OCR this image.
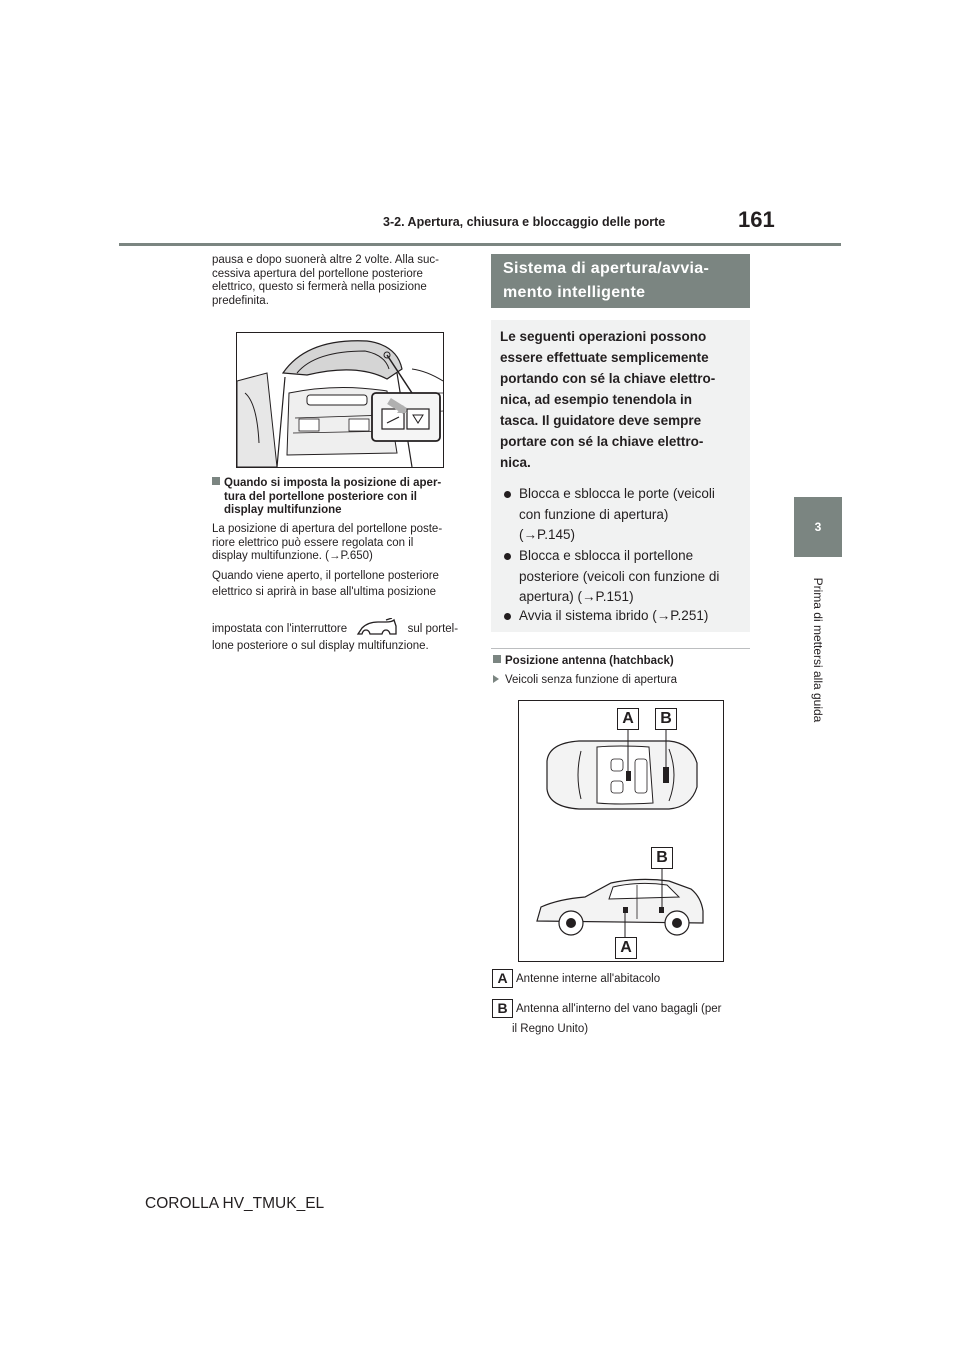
3-2. Apertura, chiusura e bloccaggio delle porte	161
3
Prima di mettersi alla guida
pausa e dopo suonerà altre 2 volte. Alla suc-
cessiva apertura del portellone posteriore
elettrico, questo si fermerà nella posizione
predefinita.
Quando si imposta la posizione di aper-
tura del portellone posteriore con il
display multifunzione
La posizione di apertura del portellone poste-
riore elettrico può essere regolata con il
display multifunzione. (→P.650)
Quando viene aperto, il portellone posteriore
elettrico si aprirà in base all'ultima posizione
impostata con l'interruttore	sul portel-
lone posteriore o sul display multifunzione.
Sistema di apertura/avvia-
mento intelligente
Le seguenti operazioni possono
essere effettuate semplicemente
portando con sé la chiave elettro-
nica, ad esempio tenendola in
tasca. Il guidatore deve sempre
portare con sé la chiave elettro-
nica.
Blocca e sblocca le porte (veicoli
con funzione di apertura)
(→P.145)
Blocca e sblocca il portellone
posteriore (veicoli con funzione di
apertura) (→P.151)
Avvia il sistema ibrido (→P.251)
Posizione antenna (hatchback)
Veicoli senza funzione di apertura
A	B
B
A
A Antenne interne all'abitacolo
B Antenna all'interno del vano bagagli (per
il Regno Unito)
COROLLA HV_TMUK_EL
